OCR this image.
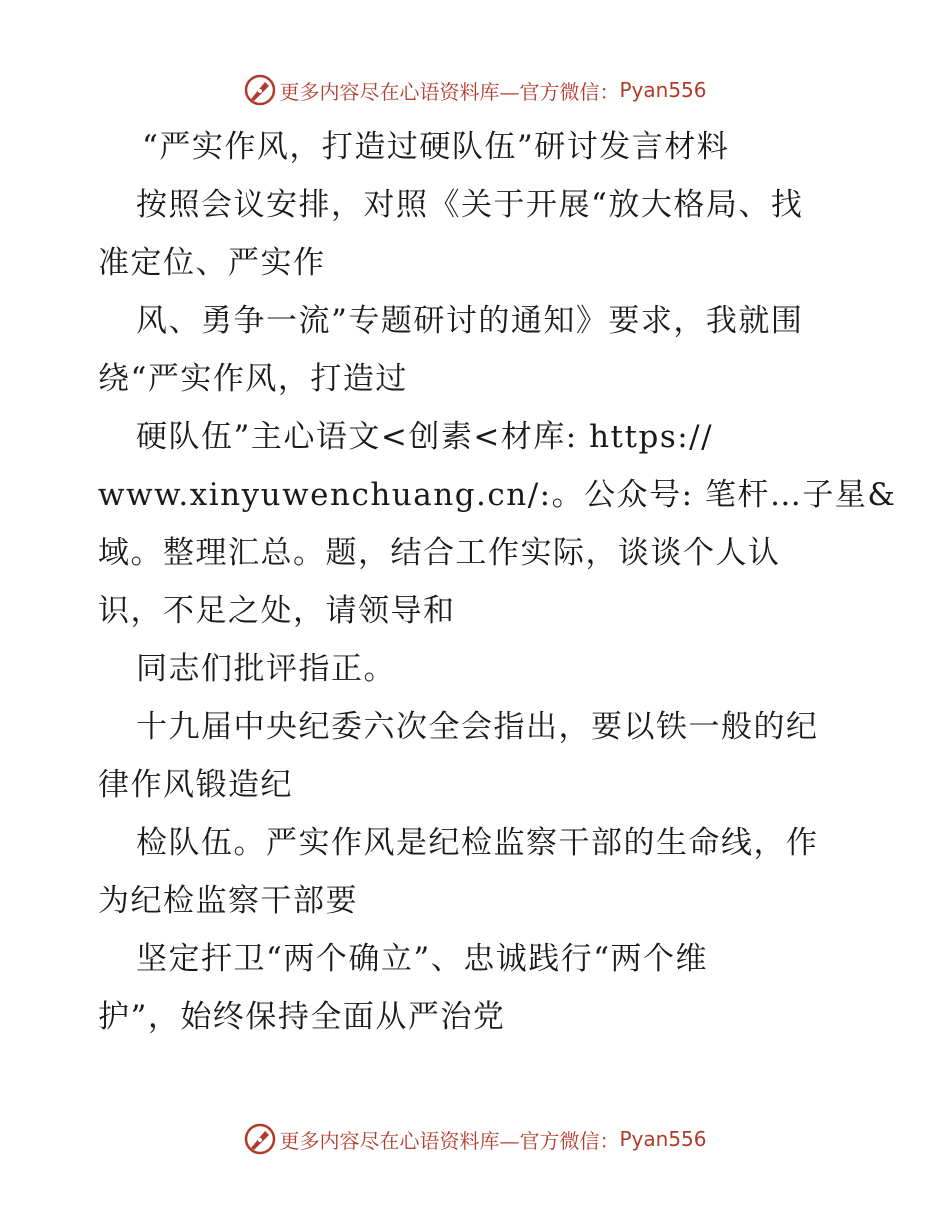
更多内容尽在心语资料库—官方微信： Pyan556
“严实作风，打造过硬队伍”研讨发言材料
按照会议安排，对照《关于开展“放大格局、找
准定位、严实作
风、勇争一流”专题研讨的通知》要求，我就围
绕“严实作风，打造过
硬队伍”主心语文<创素<材库: https://
www.xinyuwenchuang.cn/:。公众号: 笔杆…子星&
域。整理汇总。题，结合工作实际，谈谈个人认
识，不足之处，请领导和
同志们批评指正。
十九届中央纪委六次全会指出，要以铁一般的纪
律作风锻造纪
检队伍。严实作风是纪检监察干部的生命线，作
为纪检监察干部要
坚定扞卫“两个确立”、忠诚践行“两个维
护”，始终保持全面从严治党
更多内容尽在心语资料库—官方微信： Pyan556
